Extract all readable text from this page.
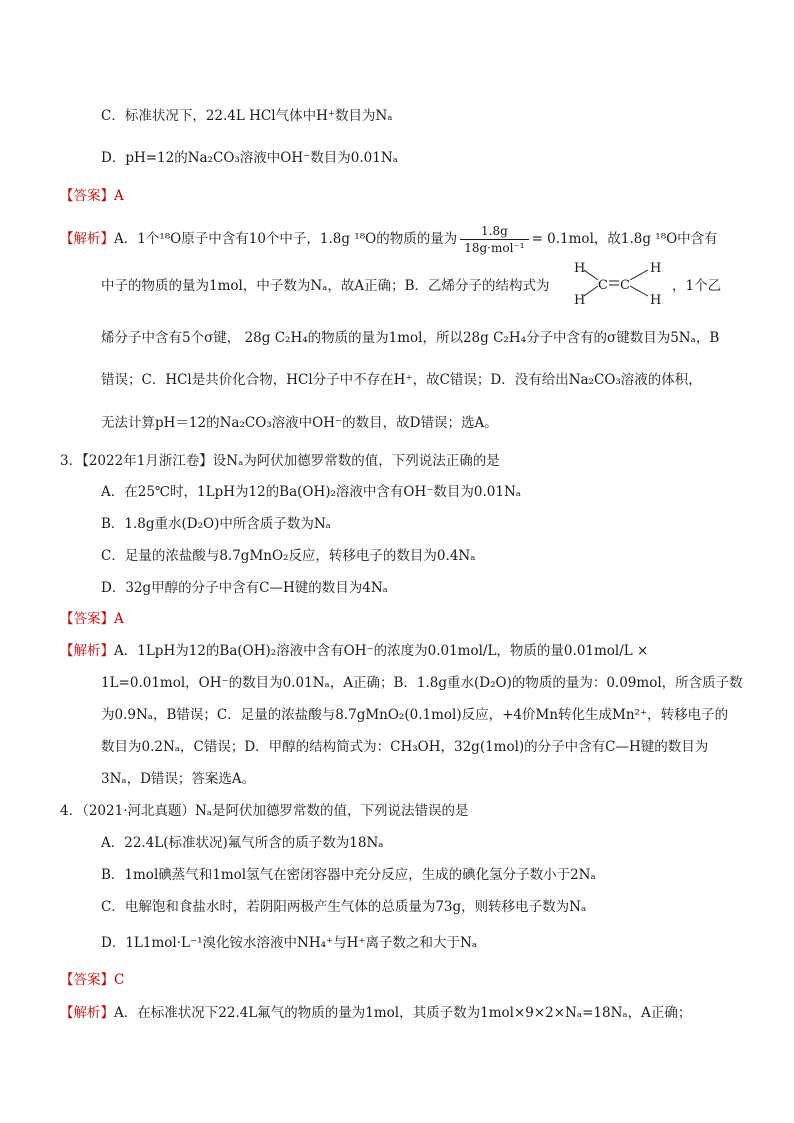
C．标准状况下，22.4L HCl气体中H⁺数目为Nₐ
D．pH=12的Na₂CO₃溶液中OH⁻数目为0.01Nₐ
【答案】A
【解析】A．1个¹⁸O原子中含有10个中子，1.8g ¹⁸O的物质的量为 $\frac{1.8g}{\text{18g·mol⁻¹}} = 0.1mol$，故1.8g ¹⁸O中含有
中子的物质的量为1mol，中子数为Nₐ，故A正确；B．乙烯分子的结构式为
H
H
C C
H
H
，1个乙
烯分子中含有5个σ键， 28g C₂H₄的物质的量为1mol，所以28g C₂H₄分子中含有的σ键数目为5Nₐ，B
错误；C．HCl是共价化合物，HCl分子中不存在H⁺，故C错误；D．没有给出Na₂CO₃溶液的体积，
无法计算pH＝12的Na₂CO₃溶液中OH⁻的数目，故D错误；选A。
3．【2022年1月浙江卷】设Nₐ为阿伏加德罗常数的值，下列说法正确的是
A．在25℃时，1LpH为12的Ba(OH)₂溶液中含有OH⁻数目为0.01Nₐ
B．1.8g重水(D₂O)中所含质子数为Nₐ
C．足量的浓盐酸与8.7gMnO₂反应，转移电子的数目为0.4Nₐ
D．32g甲醇的分子中含有C—H键的数目为4Nₐ
【答案】A
【解析】A．1LpH为12的Ba(OH)₂溶液中含有OH⁻的浓度为0.01mol/L，物质的量0.01mol/L ×
1L=0.01mol，OH⁻的数目为0.01Nₐ，A正确；B．1.8g重水(D₂O)的物质的量为：0.09mol，所含质子数
为0.9Nₐ，B错误；C．足量的浓盐酸与8.7gMnO₂(0.1mol)反应，+4价Mn转化生成Mn²⁺，转移电子的
数目为0.2Nₐ，C错误；D．甲醇的结构简式为：CH₃OH，32g(1mol)的分子中含有C—H键的数目为
3Nₐ，D错误；答案选A。
4．（2021·河北真题）Nₐ是阿伏加德罗常数的值，下列说法错误的是
A．22.4L(标准状况)氟气所含的质子数为18Nₐ
B．1mol碘蒸气和1mol氢气在密闭容器中充分反应，生成的碘化氢分子数小于2Nₐ
C．电解饱和食盐水时，若阴阳两极产生气体的总质量为73g，则转移电子数为Nₐ
D．1L1mol·L⁻¹溴化铵水溶液中NH₄⁺与H⁺离子数之和大于Nₐ
【答案】C
【解析】A．在标准状况下22.4L氟气的物质的量为1mol，其质子数为1mol×9×2×Nₐ=18Nₐ，A正确；
